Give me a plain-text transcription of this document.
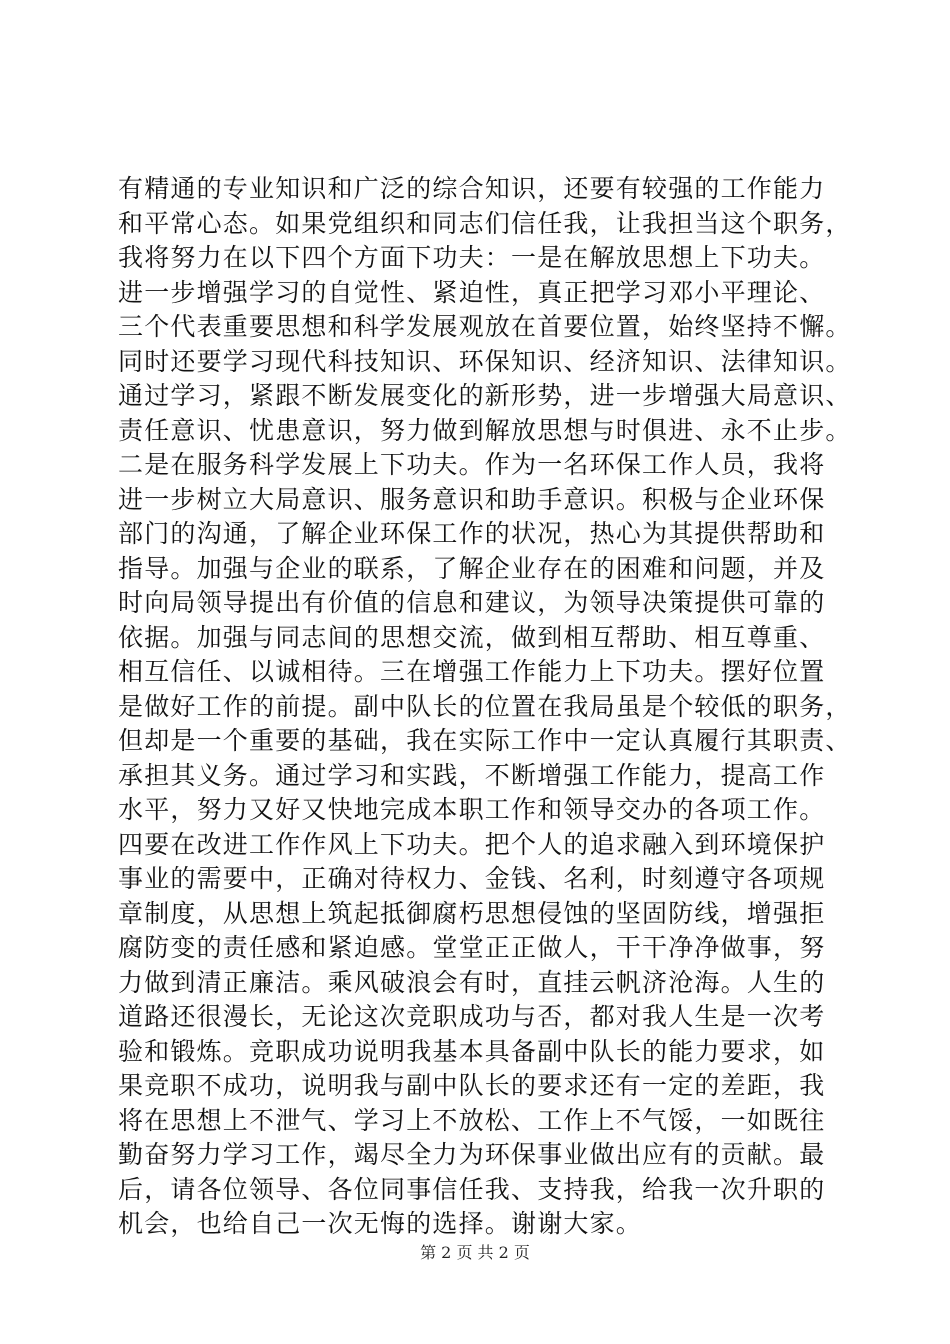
有精通的专业知识和广泛的综合知识，还要有较强的工作能力
和平常心态。如果党组织和同志们信任我，让我担当这个职务，
我将努力在以下四个方面下功夫：一是在解放思想上下功夫。
进一步增强学习的自觉性、紧迫性，真正把学习邓小平理论、
三个代表重要思想和科学发展观放在首要位置，始终坚持不懈。
同时还要学习现代科技知识、环保知识、经济知识、法律知识。
通过学习，紧跟不断发展变化的新形势，进一步增强大局意识、
责任意识、忧患意识，努力做到解放思想与时俱进、永不止步。
二是在服务科学发展上下功夫。作为一名环保工作人员，我将
进一步树立大局意识、服务意识和助手意识。积极与企业环保
部门的沟通，了解企业环保工作的状况，热心为其提供帮助和
指导。加强与企业的联系，了解企业存在的困难和问题，并及
时向局领导提出有价值的信息和建议，为领导决策提供可靠的
依据。加强与同志间的思想交流，做到相互帮助、相互尊重、
相互信任、以诚相待。三在增强工作能力上下功夫。摆好位置
是做好工作的前提。副中队长的位置在我局虽是个较低的职务，
但却是一个重要的基础，我在实际工作中一定认真履行其职责、
承担其义务。通过学习和实践，不断增强工作能力，提高工作
水平，努力又好又快地完成本职工作和领导交办的各项工作。
四要在改进工作作风上下功夫。把个人的追求融入到环境保护
事业的需要中，正确对待权力、金钱、名利，时刻遵守各项规
章制度，从思想上筑起抵御腐朽思想侵蚀的坚固防线，增强拒
腐防变的责任感和紧迫感。堂堂正正做人，干干净净做事，努
力做到清正廉洁。乘风破浪会有时，直挂云帆济沧海。人生的
道路还很漫长，无论这次竞职成功与否，都对我人生是一次考
验和锻炼。竞职成功说明我基本具备副中队长的能力要求，如
果竞职不成功，说明我与副中队长的要求还有一定的差距，我
将在思想上不泄气、学习上不放松、工作上不气馁，一如既往
勤奋努力学习工作，竭尽全力为环保事业做出应有的贡献。最
后，请各位领导、各位同事信任我、支持我，给我一次升职的
机会，也给自己一次无悔的选择。谢谢大家。
第 2 页 共 2 页
